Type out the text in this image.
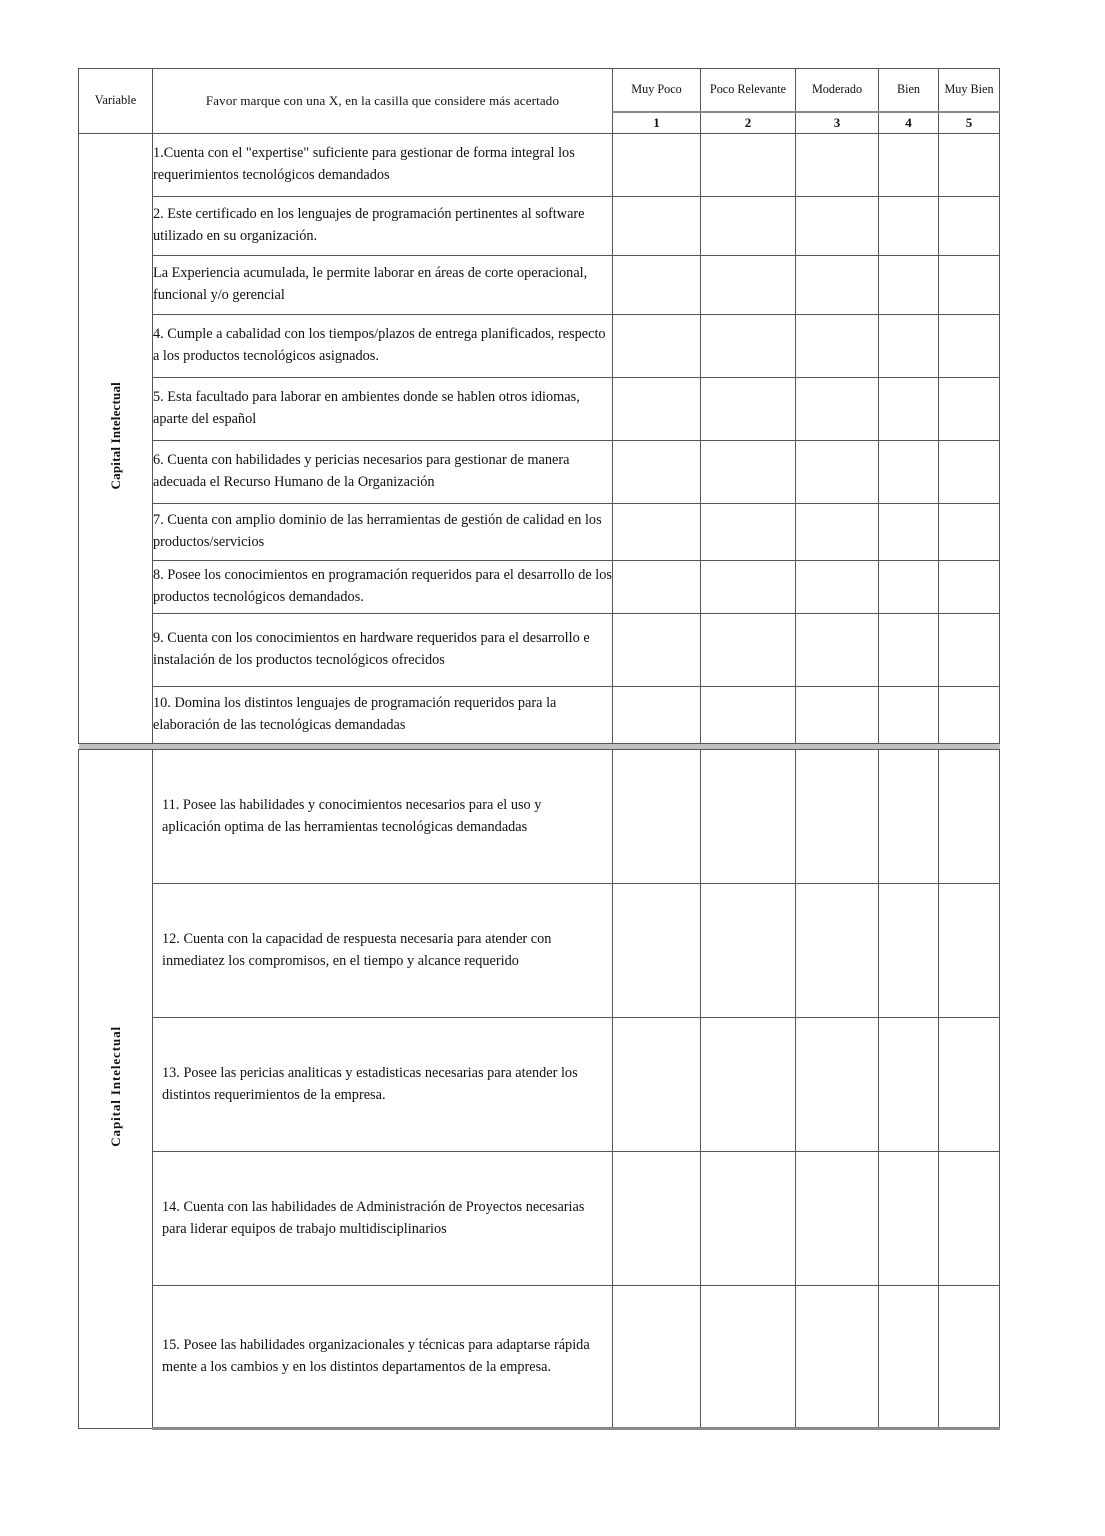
Variable	Favor marque con una X, en la casilla que considere más acertado	Muy Poco	Poco Relevante	Moderado	Bien	Muy Bien
		1	2	3	4	5
Capital Intelectual	1.Cuenta con el "expertise" suficiente para gestionar de forma integral los requerimientos tecnológicos demandados					
	2. Este certificado en los lenguajes de programación pertinentes al software utilizado en su organización.					
	La Experiencia acumulada, le permite laborar en áreas de corte operacional, funcional y/o gerencial					
	4. Cumple a cabalidad con los tiempos/plazos de entrega planificados, respecto a los productos tecnológicos asignados.					
	5. Esta facultado para laborar en ambientes donde se hablen otros idiomas, aparte del español					
	6. Cuenta con habilidades y pericias necesarios para gestionar de manera adecuada el Recurso Humano de la Organización					
	7. Cuenta con amplio dominio de las herramientas de gestión de calidad en los productos/servicios					
	8. Posee los conocimientos en programación requeridos para el desarrollo de los productos tecnológicos demandados.					
	9. Cuenta con los conocimientos en hardware requeridos para el desarrollo e instalación de los productos tecnológicos ofrecidos					
	10. Domina los distintos lenguajes de programación requeridos para la elaboración de las tecnológicas demandadas					

Capital Intelectual	11. Posee las habilidades y conocimientos necesarios para el uso y aplicación optima de las herramientas tecnológicas demandadas					
	12. Cuenta con la capacidad de respuesta necesaria para atender con inmediatez los compromisos, en el tiempo y alcance requerido					
	13. Posee las pericias analiticas y estadisticas necesarias para atender los distintos requerimientos de la empresa.					
	14. Cuenta con las habilidades de Administración de Proyectos necesarias para liderar equipos de trabajo multidisciplinarios					
	15. Posee las habilidades organizacionales y técnicas para adaptarse rápida mente a los cambios y en los distintos departamentos de la empresa.					
